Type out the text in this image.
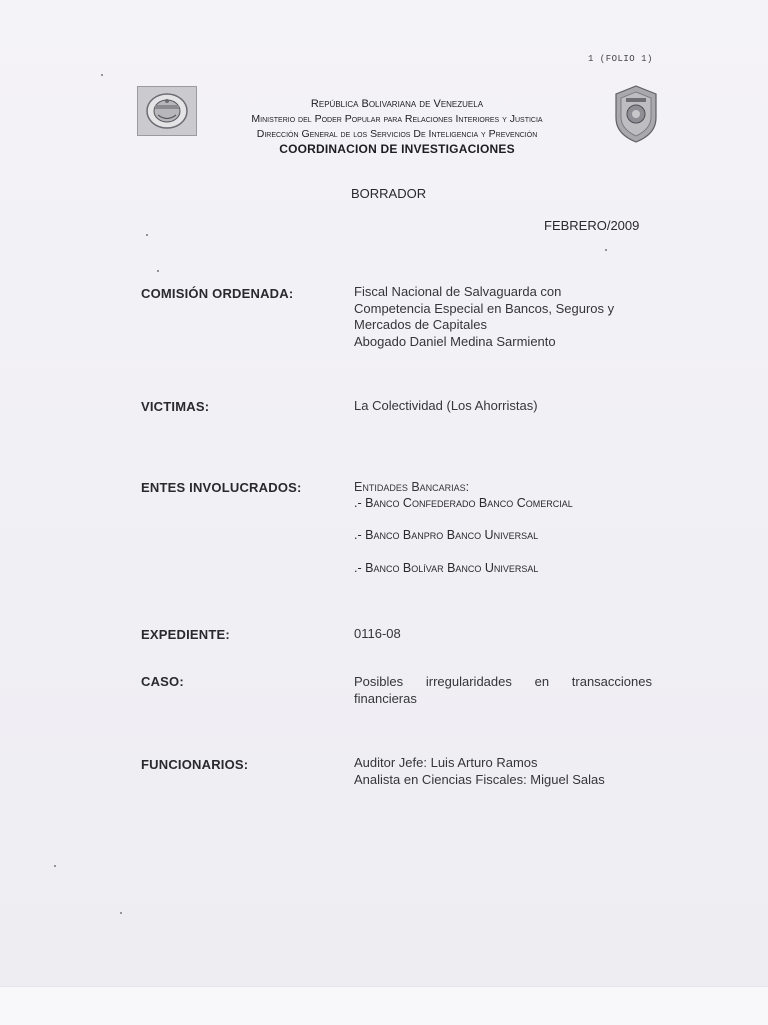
1 (FOLIO 1)
República Bolivariana de Venezuela
Ministerio del Poder Popular para Relaciones Interiores y Justicia
Dirección General de los Servicios De Inteligencia y Prevención
COORDINACION DE INVESTIGACIONES
BORRADOR
FEBRERO/2009
COMISIÓN ORDENADA:	Fiscal Nacional de Salvaguarda con
Competencia Especial en Bancos, Seguros y
Mercados de Capitales
Abogado Daniel Medina Sarmiento
VICTIMAS:	La Colectividad (Los Ahorristas)
ENTES INVOLUCRADOS:	Entidades Bancarias:
.- Banco Confederado Banco Comercial
.- Banco Banpro Banco Universal
.- Banco Bolívar Banco Universal
EXPEDIENTE:	0116-08
CASO:	Posibles irregularidades en transacciones financieras
FUNCIONARIOS:	Auditor Jefe: Luis Arturo Ramos
Analista en Ciencias Fiscales: Miguel Salas
